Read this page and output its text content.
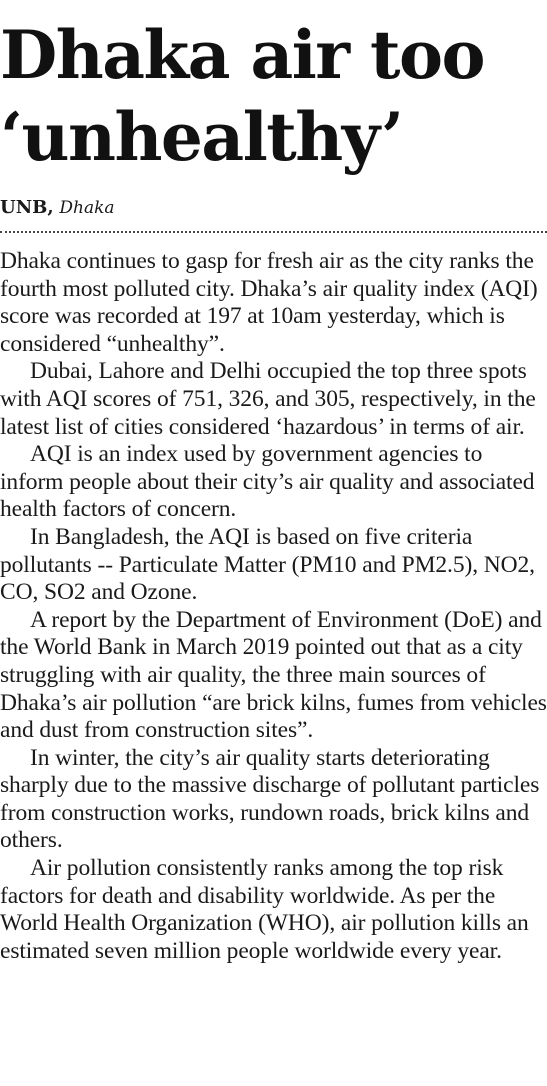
Dhaka air too ‘unhealthy’
UNB, Dhaka

Dhaka continues to gasp for fresh air as the city ranks the fourth most polluted city. Dhaka’s air quality index (AQI) score was recorded at 197 at 10am yesterday, which is considered “unhealthy”.

Dubai, Lahore and Delhi occupied the top three spots with AQI scores of 751, 326, and 305, respectively, in the latest list of cities considered ‘hazardous’ in terms of air.

AQI is an index used by government agencies to inform people about their city’s air quality and associated health factors of concern.

In Bangladesh, the AQI is based on five criteria pollutants -- Particulate Matter (PM10 and PM2.5), NO2, CO, SO2 and Ozone.

A report by the Department of Environment (DoE) and the World Bank in March 2019 pointed out that as a city struggling with air quality, the three main sources of Dhaka’s air pollution “are brick kilns, fumes from vehicles and dust from construction sites”.

In winter, the city’s air quality starts deteriorating sharply due to the massive discharge of pollutant particles from construction works, rundown roads, brick kilns and others.

Air pollution consistently ranks among the top risk factors for death and disability worldwide. As per the World Health Organization (WHO), air pollution kills an estimated seven million people worldwide every year.
